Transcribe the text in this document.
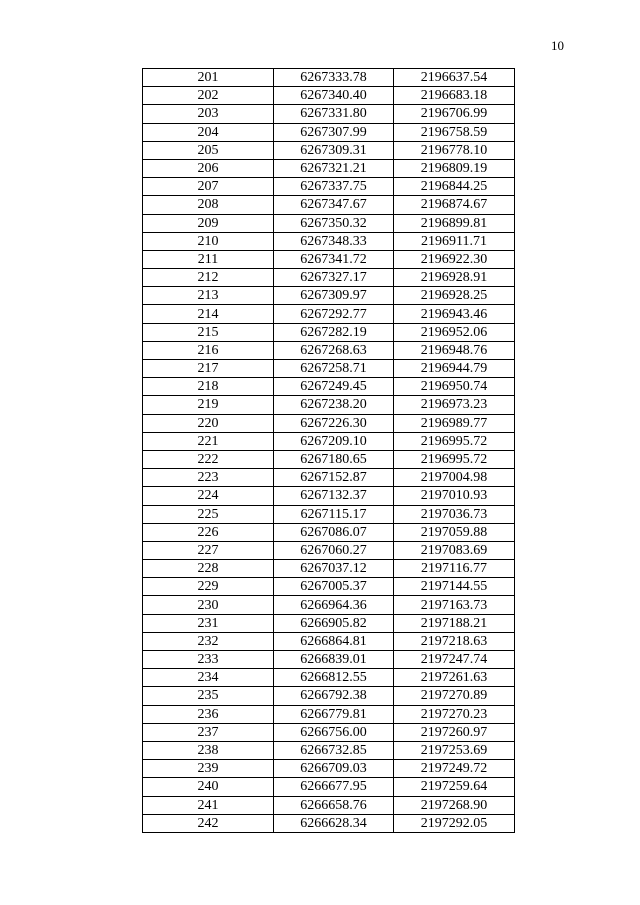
10
201	6267333.78	2196637.54
202	6267340.40	2196683.18
203	6267331.80	2196706.99
204	6267307.99	2196758.59
205	6267309.31	2196778.10
206	6267321.21	2196809.19
207	6267337.75	2196844.25
208	6267347.67	2196874.67
209	6267350.32	2196899.81
210	6267348.33	2196911.71
211	6267341.72	2196922.30
212	6267327.17	2196928.91
213	6267309.97	2196928.25
214	6267292.77	2196943.46
215	6267282.19	2196952.06
216	6267268.63	2196948.76
217	6267258.71	2196944.79
218	6267249.45	2196950.74
219	6267238.20	2196973.23
220	6267226.30	2196989.77
221	6267209.10	2196995.72
222	6267180.65	2196995.72
223	6267152.87	2197004.98
224	6267132.37	2197010.93
225	6267115.17	2197036.73
226	6267086.07	2197059.88
227	6267060.27	2197083.69
228	6267037.12	2197116.77
229	6267005.37	2197144.55
230	6266964.36	2197163.73
231	6266905.82	2197188.21
232	6266864.81	2197218.63
233	6266839.01	2197247.74
234	6266812.55	2197261.63
235	6266792.38	2197270.89
236	6266779.81	2197270.23
237	6266756.00	2197260.97
238	6266732.85	2197253.69
239	6266709.03	2197249.72
240	6266677.95	2197259.64
241	6266658.76	2197268.90
242	6266628.34	2197292.05
